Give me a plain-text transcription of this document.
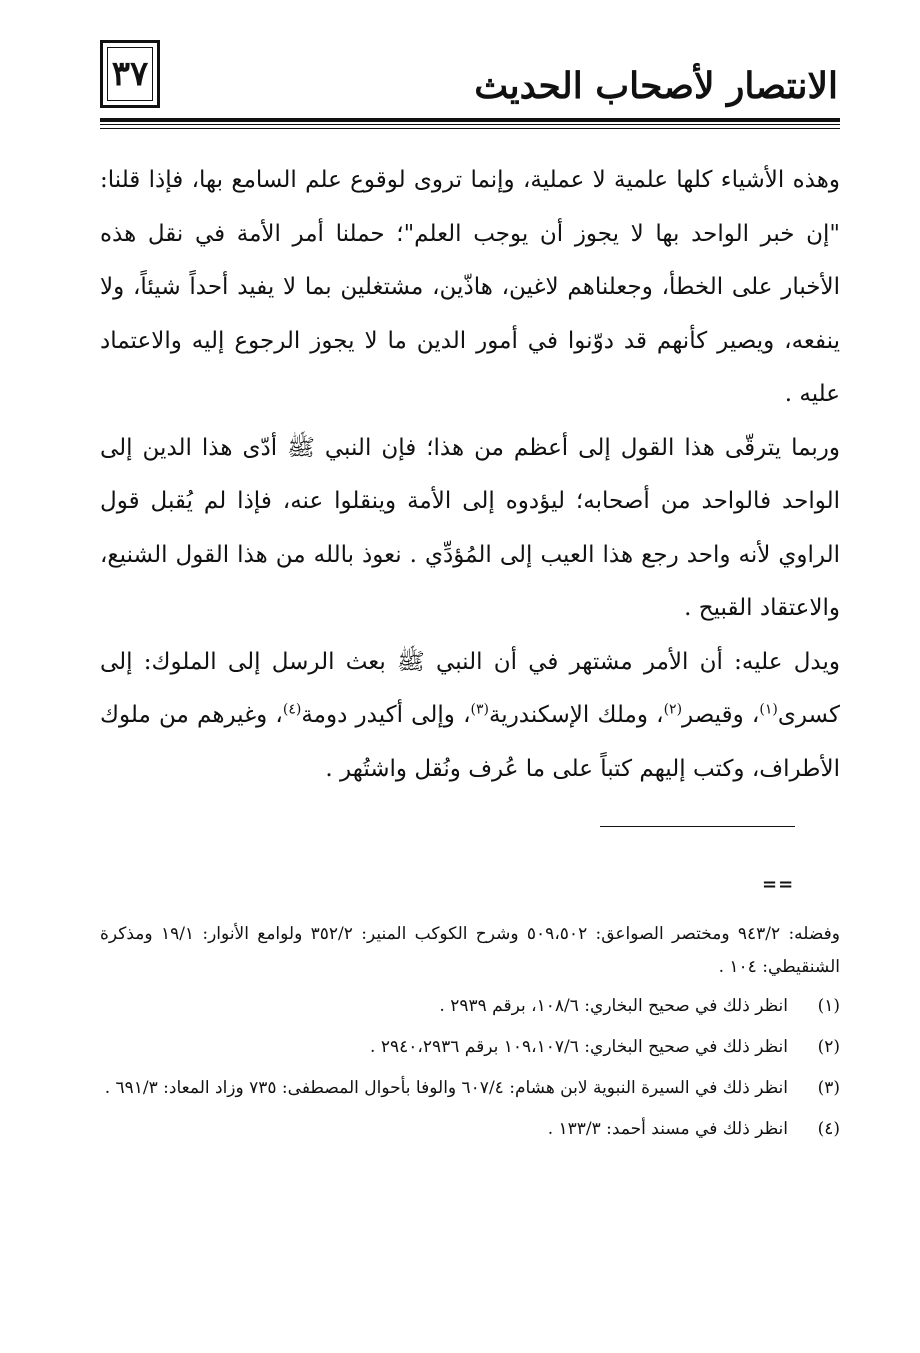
٣٧	الانتصار لأصحاب الحديث

وهذه الأشياء كلها علمية لا عملية، وإنما تروى لوقوع علم السامع بها، فإذا قلنا: "إن خبر الواحد بها لا يجوز أن يوجب العلم"؛ حملنا أمر الأمة في نقل هذه الأخبار على الخطأ، وجعلناهم لاغين، هاذّين، مشتغلين بما لا يفيد أحداً شيئاً، ولا ينفعه، ويصير كأنهم قد دوّنوا في أمور الدين ما لا يجوز الرجوع إليه والاعتماد عليه .

وربما يترقّى هذا القول إلى أعظم من هذا؛ فإن النبي ﷺ أدّى هذا الدين إلى الواحد فالواحد من أصحابه؛ ليؤدوه إلى الأمة وينقلوا عنه، فإذا لم يُقبل قول الراوي لأنه واحد رجع هذا العيب إلى المُؤدِّي . نعوذ بالله من هذا القول الشنيع، والاعتقاد القبيح .

ويدل عليه: أن الأمر مشتهر في أن النبي ﷺ بعث الرسل إلى الملوك: إلى كسرى$^{(١)}$، وقيصر$^{(٢)}$، وملك الإسكندرية$^{(٣)}$، وإلى أكيدر دومة$^{(٤)}$، وغيرهم من ملوك الأطراف، وكتب إليهم كتباً على ما عُرف ونُقل واشتُهر .

==

وفضله: ٩٤٣/٢ ومختصر الصواعق: ٥٠٩،٥٠٢ وشرح الكوكب المنير: ٣٥٢/٢ ولوامع الأنوار: ١٩/١ ومذكرة الشنقيطي: ١٠٤ .

(١)
انظر ذلك في صحيح البخاري: ١٠٨/٦، برقم ٢٩٣٩ .
(٢)
انظر ذلك في صحيح البخاري: ١٠٩،١٠٧/٦ برقم ٢٩٤٠،٢٩٣٦ .
(٣)
انظر ذلك في السيرة النبوية لابن هشام: ٦٠٧/٤ والوفا بأحوال المصطفى: ٧٣٥ وزاد المعاد: ٦٩١/٣ .
(٤)
انظر ذلك في مسند أحمد: ١٣٣/٣ .
